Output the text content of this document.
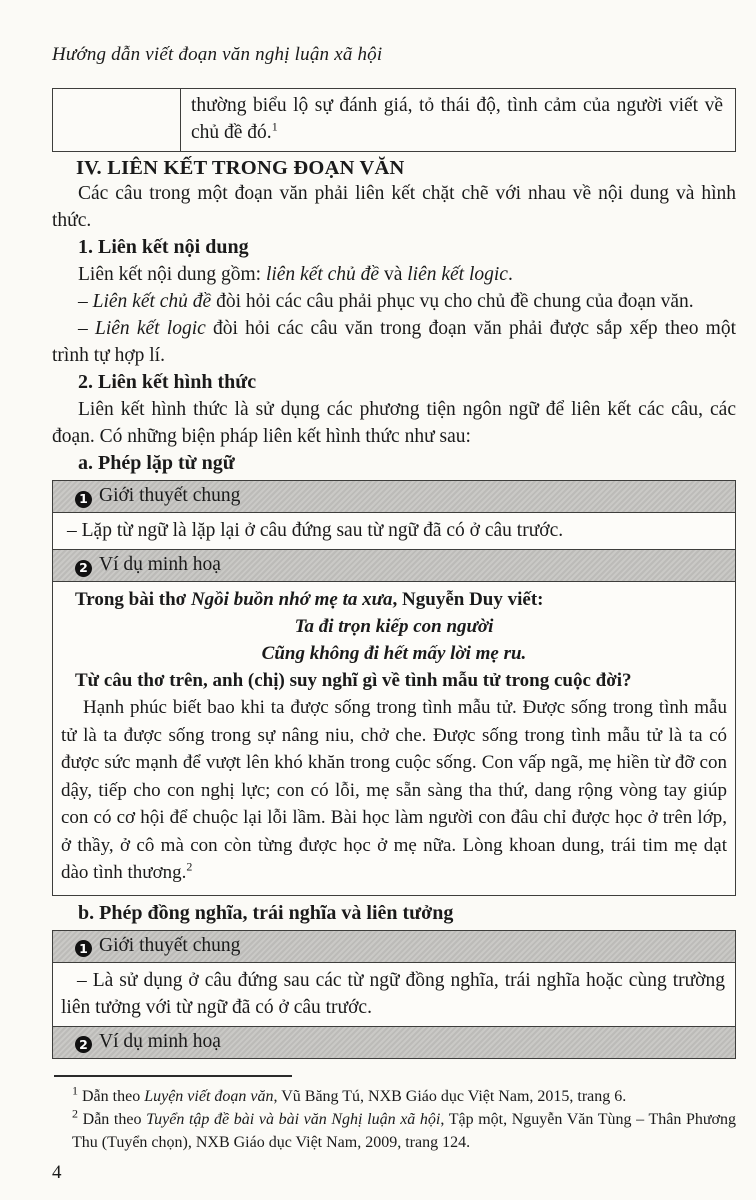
Hướng dẫn viết đoạn văn nghị luận xã hội
thường biểu lộ sự đánh giá, tỏ thái độ, tình cảm của người viết về chủ đề đó.$^1$
IV. LIÊN KẾT TRONG ĐOẠN VĂN

Các câu trong một đoạn văn phải liên kết chặt chẽ với nhau về nội dung và hình thức.

1. Liên kết nội dung

Liên kết nội dung gồm: liên kết chủ đề và liên kết logic.

– Liên kết chủ đề đòi hỏi các câu phải phục vụ cho chủ đề chung của đoạn văn.

– Liên kết logic đòi hỏi các câu văn trong đoạn văn phải được sắp xếp theo một trình tự hợp lí.

2. Liên kết hình thức

Liên kết hình thức là sử dụng các phương tiện ngôn ngữ để liên kết các câu, các đoạn. Có những biện pháp liên kết hình thức như sau:

a. Phép lặp từ ngữ
1 Giới thuyết chung
– Lặp từ ngữ là lặp lại ở câu đứng sau từ ngữ đã có ở câu trước.
2 Ví dụ minh hoạ
Trong bài thơ Ngồi buồn nhớ mẹ ta xưa, Nguyễn Duy viết:
Ta đi trọn kiếp con người
Cũng không đi hết mấy lời mẹ ru.
Từ câu thơ trên, anh (chị) suy nghĩ gì về tình mẫu tử trong cuộc đời?
Hạnh phúc biết bao khi ta được sống trong tình mẫu tử. Được sống trong tình mẫu tử là ta được sống trong sự nâng niu, chở che. Được sống trong tình mẫu tử là ta có được sức mạnh để vượt lên khó khăn trong cuộc sống. Con vấp ngã, mẹ hiền từ đỡ con dậy, tiếp cho con nghị lực; con có lỗi, mẹ sẵn sàng tha thứ, dang rộng vòng tay giúp con có cơ hội để chuộc lại lỗi lầm. Bài học làm người con đâu chỉ được học ở trên lớp, ở thầy, ở cô mà con còn từng được học ở mẹ nữa. Lòng khoan dung, trái tim mẹ dạt dào tình thương.$^2$
b. Phép đồng nghĩa, trái nghĩa và liên tưởng
1 Giới thuyết chung
– Là sử dụng ở câu đứng sau các từ ngữ đồng nghĩa, trái nghĩa hoặc cùng trường liên tưởng với từ ngữ đã có ở câu trước.
2 Ví dụ minh hoạ
$^1$ Dẫn theo Luyện viết đoạn văn, Vũ Băng Tú, NXB Giáo dục Việt Nam, 2015, trang 6.
$^2$ Dẫn theo Tuyển tập đề bài và bài văn Nghị luận xã hội, Tập một, Nguyễn Văn Tùng – Thân Phương Thu (Tuyển chọn), NXB Giáo dục Việt Nam, 2009, trang 124.
4
